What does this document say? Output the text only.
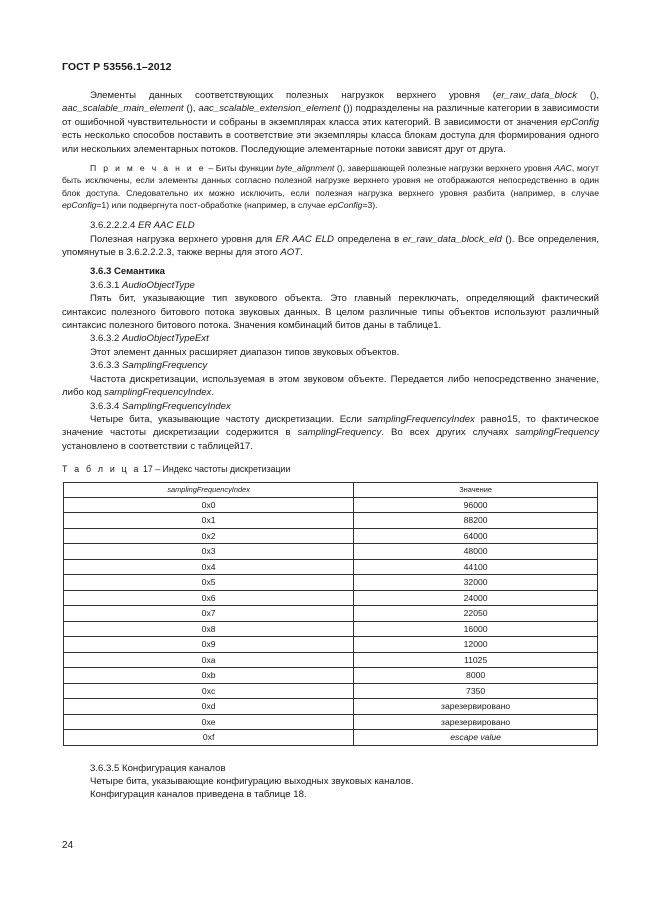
ГОСТ Р 53556.1–2012

Элементы данных соответствующих полезных нагрузкок верхнего уровня (er_raw_data_block (), aac_scalable_main_element (), aac_scalable_extension_element ()) подразделены на различные категории в зависимости от ошибочной чувствительности и собраны в экземплярах класса этих категорий. В зависимости от значения epConfig есть несколько способов поставить в соответствие эти экземпляры класса блокам доступа для формирования одного или нескольких элементарных потоков. Последующие элементарные потоки зависят друг от друга.

П р и м е ч а н и е – Биты функции byte_alignment (), завершающей полезные нагрузки верхнего уровня AAC, могут быть исключены, если элементы данных согласно полезной нагрузке верхнего уровня не отображаются непосредственно в один блок доступа. Следовательно их можно исключить, если полезная нагрузка верхнего уровня разбита (например, в случае epConfig=1) или подвергнута пост-обработке (например, в случае epConfig=3).

3.6.2.2.2.4 ER AAC ELD

Полезная нагрузка верхнего уровня для ER AAC ELD определена в er_raw_data_block_eld (). Все определения, упомянутые в 3.6.2.2.2.3, также верны для этого AOT.

3.6.3 Семантика

3.6.3.1 AudioObjectType

Пять бит, указывающие тип звукового объекта. Это главный переключать, определяющий фактический синтаксис полезного битового потока звуковых данных. В целом различные типы объектов используют различный синтаксис полезного битового потока. Значения комбинаций битов даны в таблице1.

3.6.3.2 AudioObjectTypeExt

Этот элемент данных расширяет диапазон типов звуковых объектов.

3.6.3.3 SamplingFrequency

Частота дискретизации, используемая в этом звуковом объекте. Передается либо непосредственно значение, либо код samplingFrequencyIndex.

3.6.3.4 SamplingFrequencyIndex

Четыре бита, указывающие частоту дискретизации. Если samplingFrequencyIndex равно15, то фактическое значение частоты дискретизации содержится в samplingFrequency. Во всех других случаях samplingFrequency установлено в соответствии с таблицей17.

Т а б л и ц а 17 – Индекс частоты дискретизации

samplingFrequencyIndex	Значение
0x0	96000
0x1	88200
0x2	64000
0x3	48000
0x4	44100
0x5	32000
0x6	24000
0x7	22050
0x8	16000
0x9	12000
0xa	11025
0xb	8000
0xc	7350
0xd	зарезервировано
0xe	зарезервировано
0xf	escape value

3.6.3.5 Конфигурация каналов

Четыре бита, указывающие конфигурацию выходных звуковых каналов.

Конфигурация каналов приведена в таблице 18.

24
